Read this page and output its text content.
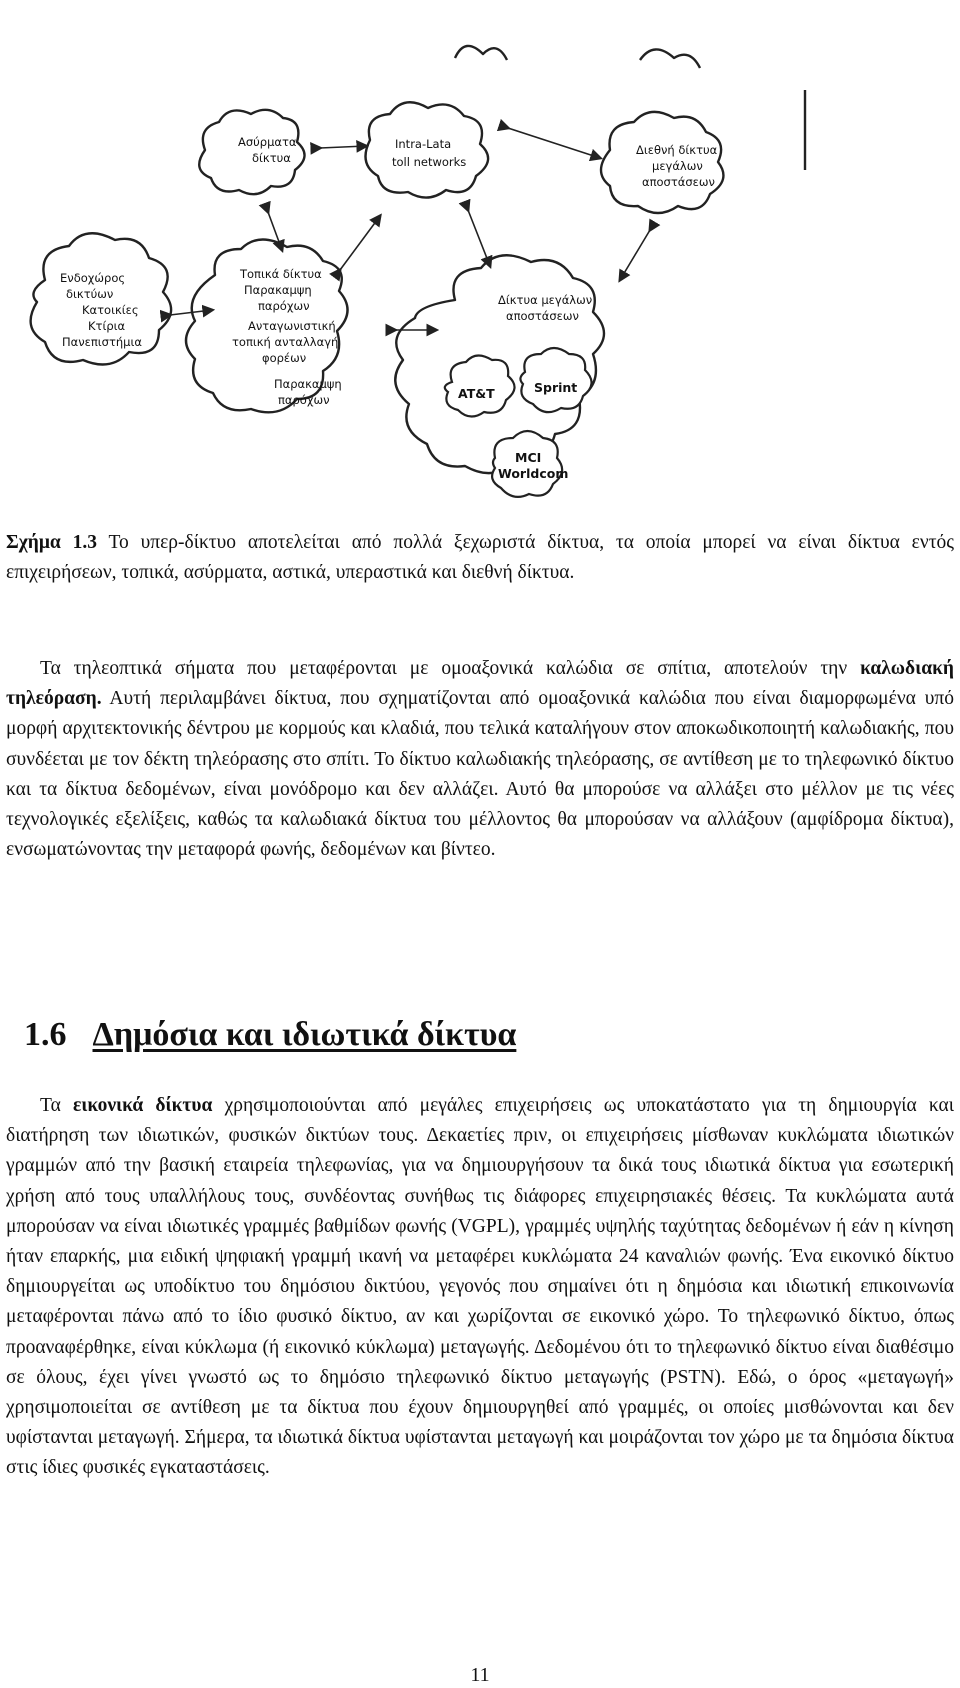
Ασύρματα
δίκτυα
Intra-Lata
toll networks
Διεθνή δίκτυα
μεγάλων
αποστάσεων
Ενδοχώρος
δικτύων
Κατοικίες
Κτίρια
Πανεπιστήμια
Τοπικά δίκτυα
Παρακαμψη
παρόχων
Ανταγωνιστική
τοπική ανταλλαγή
φορέων
Παρακαμψη
παρόχων
Δίκτυα μεγάλων
αποστάσεων
AT&T	Sprint
MCI
Worldcom
Σχήμα 1.3 Το υπερ-δίκτυο αποτελείται από πολλά ξεχωριστά δίκτυα, τα οποία μπορεί να είναι δίκτυα εντός επιχειρήσεων, τοπικά, ασύρματα, αστικά, υπεραστικά και διεθνή δίκτυα.
Τα τηλεοπτικά σήματα που μεταφέρονται με ομοαξονικά καλώδια σε σπίτια, αποτελούν την καλωδιακή τηλεόραση. Αυτή περιλαμβάνει δίκτυα, που σχηματίζονται από ομοαξονικά καλώδια που είναι διαμορφωμένα υπό μορφή αρχιτεκτονικής δέντρου με κορμούς και κλαδιά, που τελικά καταλήγουν στον αποκωδικοποιητή καλωδιακής, που συνδέεται με τον δέκτη τηλεόρασης στο σπίτι. Το δίκτυο καλωδιακής τηλεόρασης, σε αντίθεση με το τηλεφωνικό δίκτυο και τα δίκτυα δεδομένων, είναι μονόδρομο και δεν αλλάζει. Αυτό θα μπορούσε να αλλάξει στο μέλλον με τις νέες τεχνολογικές εξελίξεις, καθώς τα καλωδιακά δίκτυα του μέλλοντος θα μπορούσαν να αλλάξουν (αμφίδρομα δίκτυα), ενσωματώνοντας την μεταφορά φωνής, δεδομένων και βίντεο.
1.6 Δημόσια και ιδιωτικά δίκτυα
Τα εικονικά δίκτυα χρησιμοποιούνται από μεγάλες επιχειρήσεις ως υποκατάστατο για τη δημιουργία και διατήρηση των ιδιωτικών, φυσικών δικτύων τους. Δεκαετίες πριν, οι επιχειρήσεις μίσθωναν κυκλώματα ιδιωτικών γραμμών από την βασική εταιρεία τηλεφωνίας, για να δημιουργήσουν τα δικά τους ιδιωτικά δίκτυα για εσωτερική χρήση από τους υπαλλήλους τους, συνδέοντας συνήθως τις διάφορες επιχειρησιακές θέσεις. Τα κυκλώματα αυτά μπορούσαν να είναι ιδιωτικές γραμμές βαθμίδων φωνής (VGPL), γραμμές υψηλής ταχύτητας δεδομένων ή εάν η κίνηση ήταν επαρκής, μια ειδική ψηφιακή γραμμή ικανή να μεταφέρει κυκλώματα 24 καναλιών φωνής. Ένα εικονικό δίκτυο δημιουργείται ως υποδίκτυο του δημόσιου δικτύου, γεγονός που σημαίνει ότι η δημόσια και ιδιωτική επικοινωνία μεταφέρονται πάνω από το ίδιο φυσικό δίκτυο, αν και χωρίζονται σε εικονικό χώρο. Το τηλεφωνικό δίκτυο, όπως προαναφέρθηκε, είναι κύκλωμα (ή εικονικό κύκλωμα) μεταγωγής. Δεδομένου ότι το τηλεφωνικό δίκτυο είναι διαθέσιμο σε όλους, έχει γίνει γνωστό ως το δημόσιο τηλεφωνικό δίκτυο μεταγωγής (PSTN). Εδώ, ο όρος «μεταγωγή» χρησιμοποιείται σε αντίθεση με τα δίκτυα που έχουν δημιουργηθεί από γραμμές, οι οποίες μισθώνονται και δεν υφίστανται μεταγωγή. Σήμερα, τα ιδιωτικά δίκτυα υφίστανται μεταγωγή και μοιράζονται τον χώρο με τα δημόσια δίκτυα στις ίδιες φυσικές εγκαταστάσεις.
11
